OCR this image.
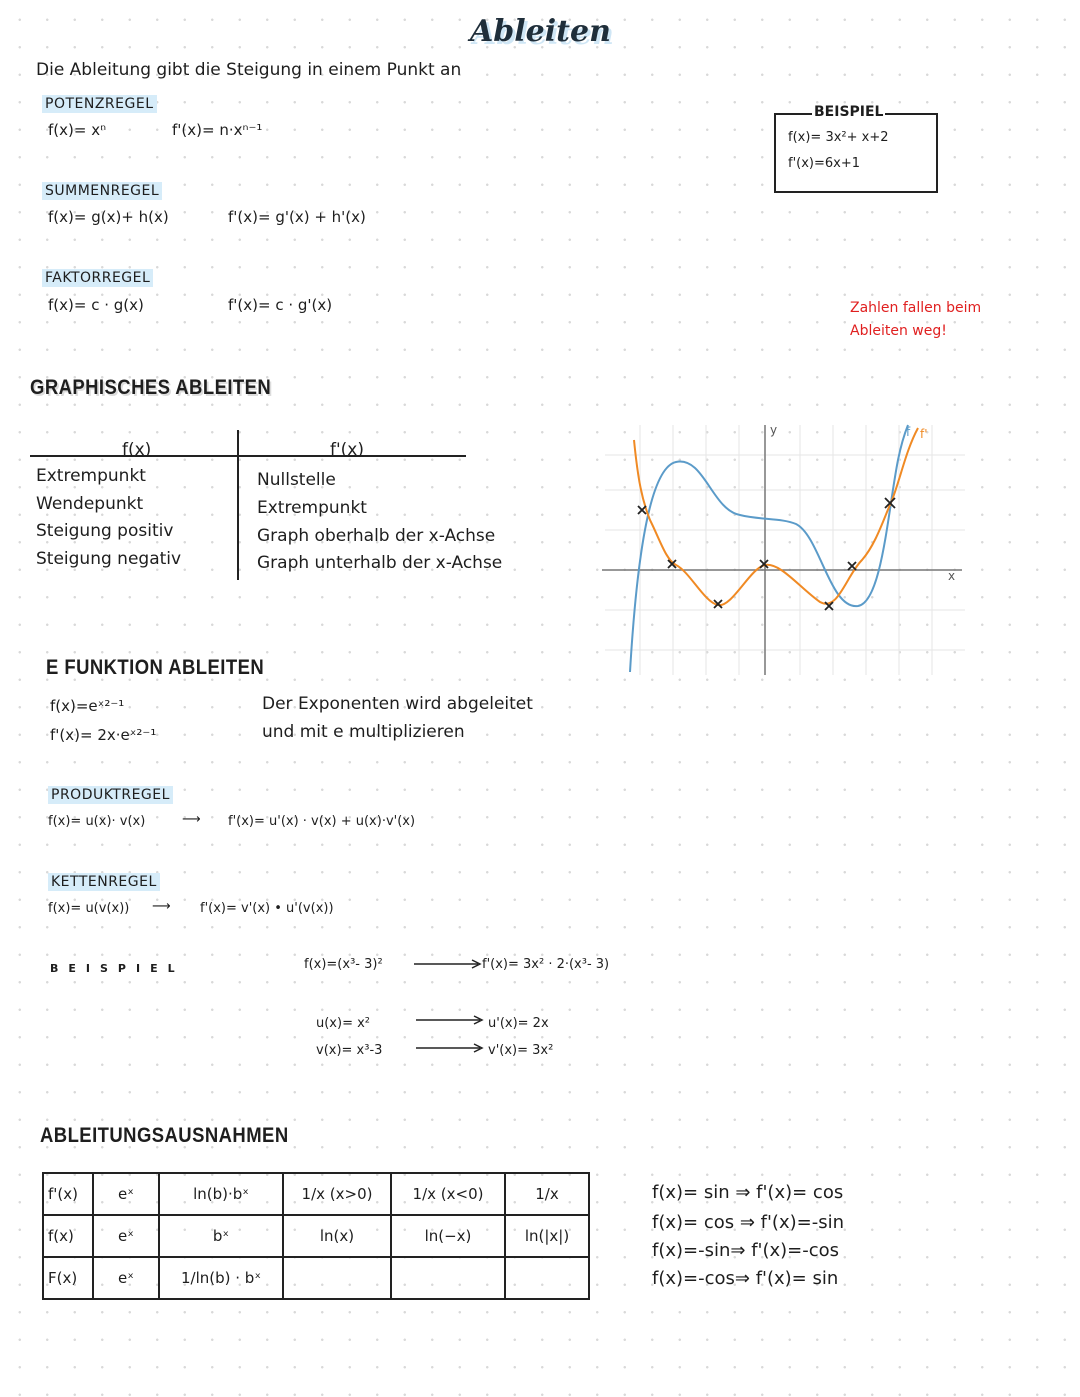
Ableiten
Die Ableitung gibt die Steigung in einem Punkt an
POTENZREGEL
f(x)= xⁿ	f'(x)= n·xⁿ⁻¹
SUMMENREGEL
f(x)= g(x)+ h(x)	f'(x)= g'(x) + h'(x)
FAKTORREGEL
f(x)= c · g(x)	f'(x)= c · g'(x)
BEISPIEL
f(x)= 3x²+ x+2
f'(x)=6x+1
Zahlen fallen beim
Ableiten weg!
GRAPHISCHES ABLEITEN
f(x)	f'(x)
Extrempunkt
Wendepunkt
Steigung positiv
Steigung negativ
Nullstelle
Extrempunkt
Graph oberhalb der x-Achse
Graph unterhalb der x-Achse
y
x
f f'
E FUNKTION ABLEITEN
f(x)=eˣ²⁻¹
f'(x)= 2x·eˣ²⁻¹
Der Exponenten wird abgeleitet
und mit e multiplizieren
PRODUKTREGEL
f(x)= u(x)· v(x)	⟶ f'(x)= u'(x) · v(x) + u(x)·v'(x)
KETTENREGEL
f(x)= u(v(x)) ⟶ f'(x)= v'(x) • u'(v(x))
BEISPIEL	f(x)=(x³- 3)²	f'(x)= 3x² · 2·(x³- 3)
u(x)= x²	u'(x)= 2x
v(x)= x³-3	v'(x)= 3x²
ABLEITUNGSAUSNAHMEN
f'(x)	eˣ	ln(b)·bˣ	1/x (x>0)	1/x (x<0)	1/x
f(x)	eˣ	bˣ	ln(x)	ln(−x)	ln(|x|)
F(x)	eˣ	1/ln(b) · bˣ			
f(x)= sin ⇒ f'(x)= cos
f(x)= cos ⇒ f'(x)=-sin
f(x)=-sin⇒ f'(x)=-cos
f(x)=-cos⇒ f'(x)= sin
